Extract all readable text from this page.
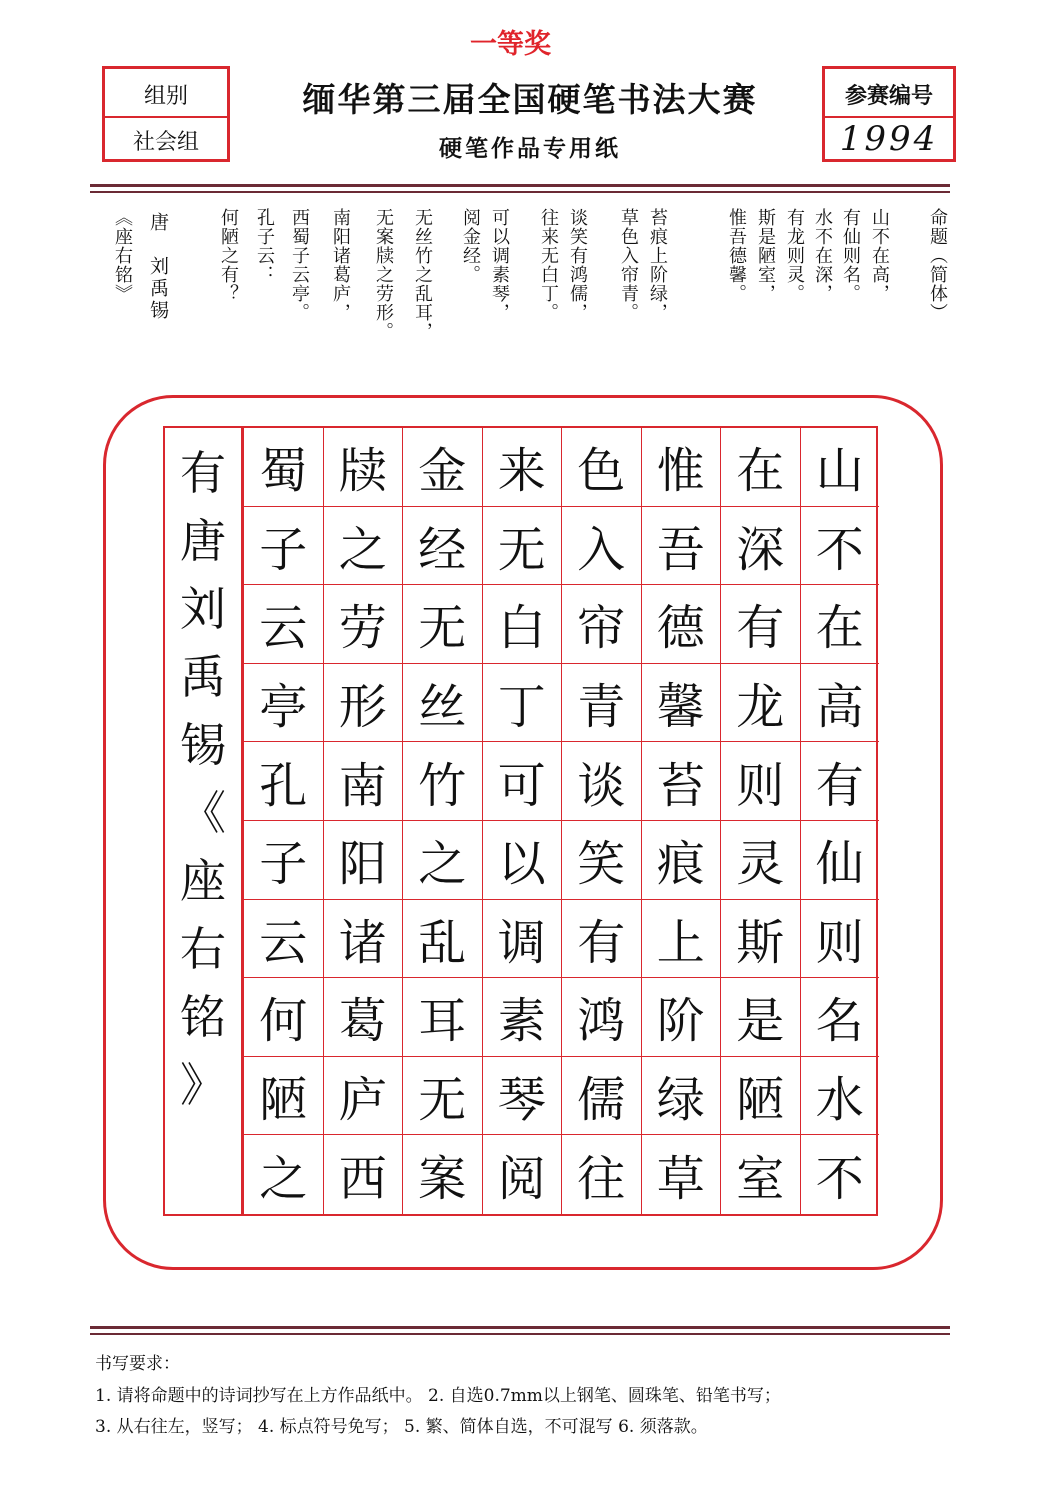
一等奖
组别
社会组
参赛编号
1994
缅华第三届全国硬笔书法大赛
硬笔作品专用纸
命题（简体）
山不在高，
有仙则名。
水不在深，
有龙则灵。
斯是陋室，
惟吾德馨。
苔痕上阶绿，
草色入帘青。
谈笑有鸿儒，
往来无白丁。
可以调素琴，
阅金经。
无丝竹之乱耳，
无案牍之劳形。
南阳诸葛庐，
西蜀子云亭。
孔子云：
何陋之有？
唐　刘禹锡
《座右铭》
有
唐
刘
禹
锡
《
座
右
铭
》
山
不
在
高
有
仙
则
名
水
不
在
深
有
龙
则
灵
斯
是
陋
室
惟
吾
德
馨
苔
痕
上
阶
绿
草
色
入
帘
青
谈
笑
有
鸿
儒
往
来
无
白
丁
可
以
调
素
琴
阅
金
经
无
丝
竹
之
乱
耳
无
案
牍
之
劳
形
南
阳
诸
葛
庐
西
蜀
子
云
亭
孔
子
云
何
陋
之
书写要求：
1. 请将命题中的诗词抄写在上方作品纸中。 2. 自选0.7mm以上钢笔、圆珠笔、铅笔书写；
3. 从右往左，竖写； 4. 标点符号免写； 5. 繁、简体自选，不可混写 6. 须落款。
